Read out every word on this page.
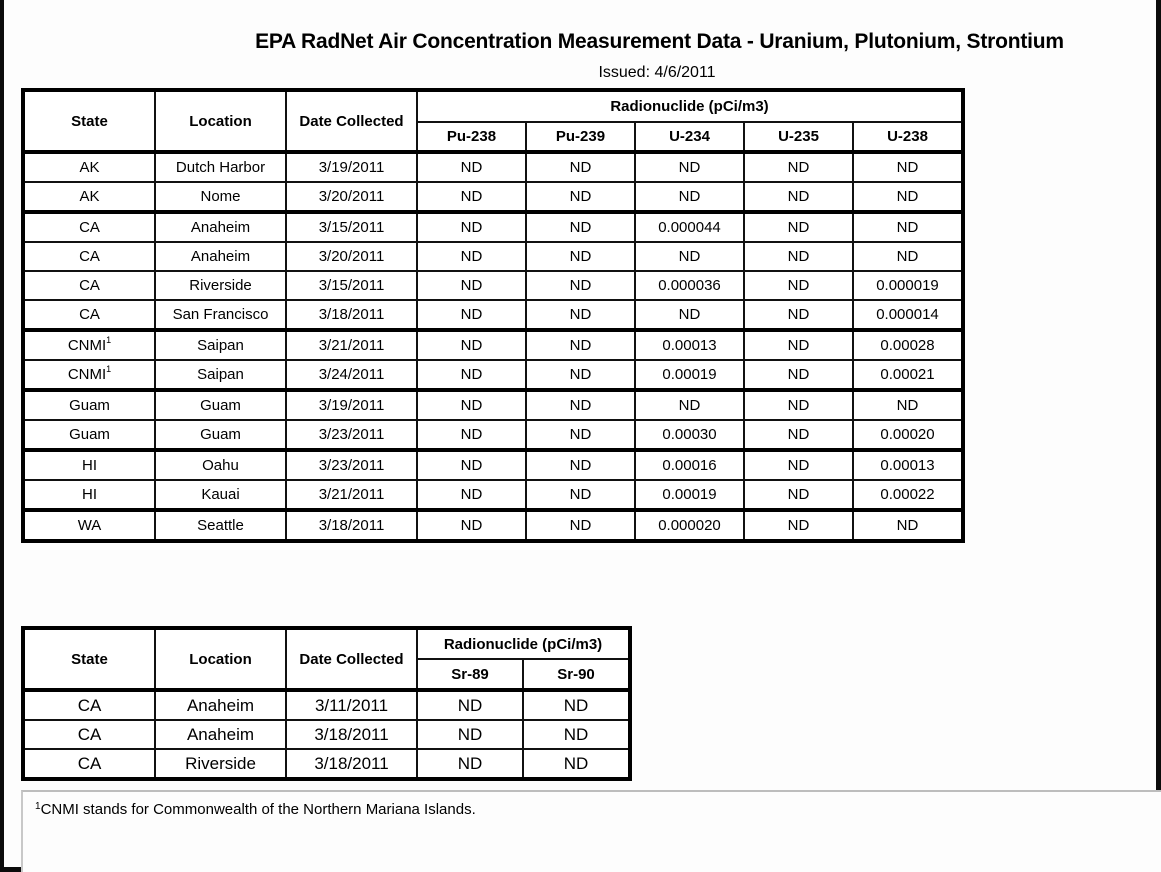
EPA RadNet Air Concentration Measurement Data - Uranium, Plutonium, Strontium
Issued: 4/6/2011
State	Location	Date Collected	Radionuclide (pCi/m3)				
			Pu-238	Pu-239	U-234	U-235	U-238
AK	Dutch Harbor	3/19/2011	ND	ND	ND	ND	ND
AK	Nome	3/20/2011	ND	ND	ND	ND	ND
CA	Anaheim	3/15/2011	ND	ND	0.000044	ND	ND
CA	Anaheim	3/20/2011	ND	ND	ND	ND	ND
CA	Riverside	3/15/2011	ND	ND	0.000036	ND	0.000019
CA	San Francisco	3/18/2011	ND	ND	ND	ND	0.000014
CNMI$^1$	Saipan	3/21/2011	ND	ND	0.00013	ND	0.00028
CNMI$^1$	Saipan	3/24/2011	ND	ND	0.00019	ND	0.00021
Guam	Guam	3/19/2011	ND	ND	ND	ND	ND
Guam	Guam	3/23/2011	ND	ND	0.00030	ND	0.00020
HI	Oahu	3/23/2011	ND	ND	0.00016	ND	0.00013
HI	Kauai	3/21/2011	ND	ND	0.00019	ND	0.00022
WA	Seattle	3/18/2011	ND	ND	0.000020	ND	ND
State	Location	Date Collected	Radionuclide (pCi/m3)	
			Sr-89	Sr-90
CA	Anaheim	3/11/2011	ND	ND
CA	Anaheim	3/18/2011	ND	ND
CA	Riverside	3/18/2011	ND	ND
$^1$CNMI stands for Commonwealth of the Northern Mariana Islands.
